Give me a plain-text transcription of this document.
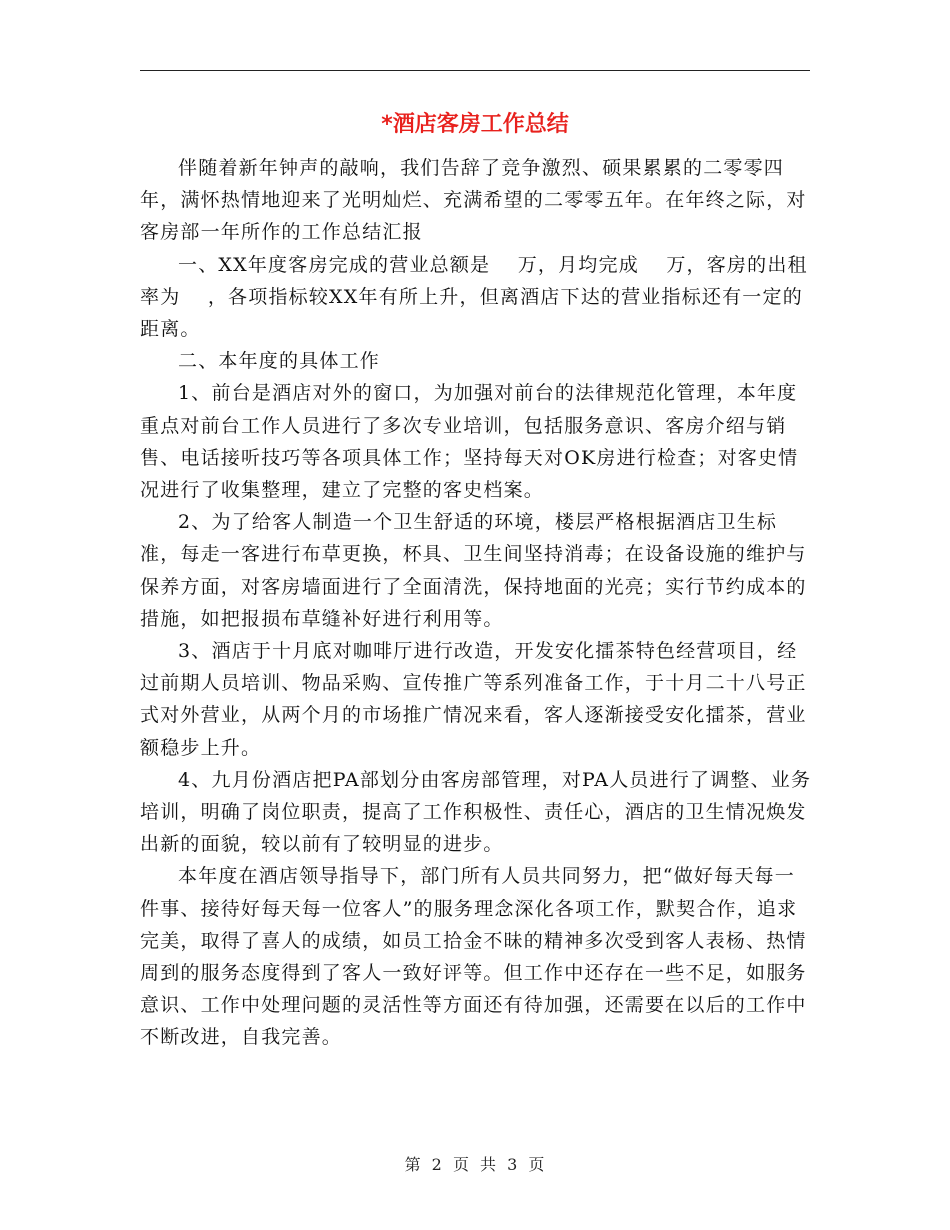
*酒店客房工作总结

伴随着新年钟声的敲响，我们告辞了竞争激烈、硕果累累的二零零四年，满怀热情地迎来了光明灿烂、充满希望的二零零五年。在年终之际，对客房部一年所作的工作总结汇报

一、XX年度客房完成的营业总额是　 万，月均完成　 万，客房的出租率为　 ，各项指标较XX年有所上升，但离酒店下达的营业指标还有一定的距离。

二、本年度的具体工作

1、前台是酒店对外的窗口，为加强对前台的法律规范化管理，本年度重点对前台工作人员进行了多次专业培训，包括服务意识、客房介绍与销售、电话接听技巧等各项具体工作；坚持每天对OK房进行检查；对客史情况进行了收集整理，建立了完整的客史档案。

2、为了给客人制造一个卫生舒适的环境，楼层严格根据酒店卫生标准，每走一客进行布草更换，杯具、卫生间坚持消毒；在设备设施的维护与保养方面，对客房墙面进行了全面清洗，保持地面的光亮；实行节约成本的措施，如把报损布草缝补好进行利用等。

3、酒店于十月底对咖啡厅进行改造，开发安化擂茶特色经营项目，经过前期人员培训、物品采购、宣传推广等系列准备工作，于十月二十八号正式对外营业，从两个月的市场推广情况来看，客人逐渐接受安化擂茶，营业额稳步上升。

4、九月份酒店把PA部划分由客房部管理，对PA人员进行了调整、业务培训，明确了岗位职责，提高了工作积极性、责任心，酒店的卫生情况焕发出新的面貌，较以前有了较明显的进步。

本年度在酒店领导指导下，部门所有人员共同努力，把“做好每天每一件事、接待好每天每一位客人”的服务理念深化各项工作，默契合作，追求完美，取得了喜人的成绩，如员工拾金不昧的精神多次受到客人表杨、热情周到的服务态度得到了客人一致好评等。但工作中还存在一些不足，如服务意识、工作中处理问题的灵活性等方面还有待加强，还需要在以后的工作中不断改进，自我完善。

第 2 页 共 3 页
